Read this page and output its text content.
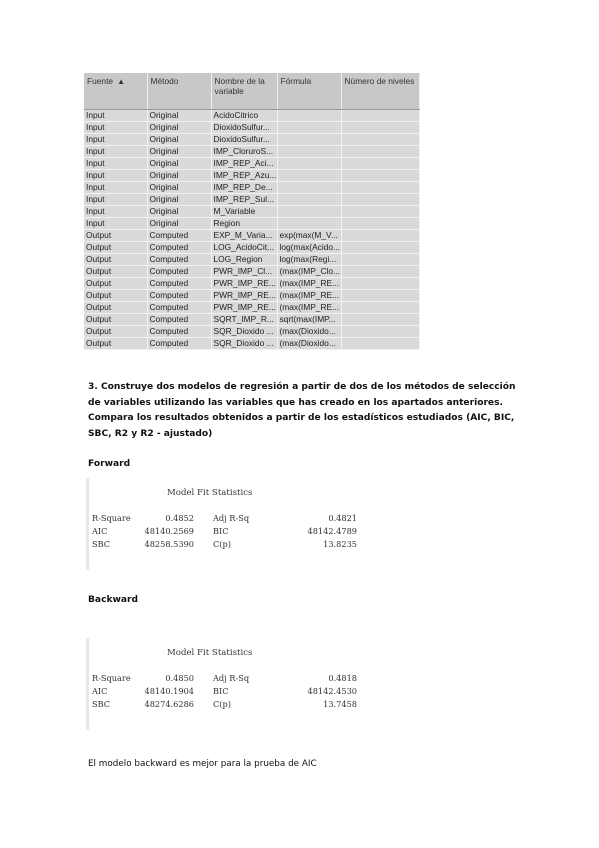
Fuente ▲	Método	Nombre de la variable	Fórmula	Número de niveles
Input	Original	AcidoCitrico		
Input	Original	DioxidoSulfur...		
Input	Original	DioxidoSulfur...		
Input	Original	IMP_CloruroS...		
Input	Original	IMP_REP_Aci...		
Input	Original	IMP_REP_Azu...		
Input	Original	IMP_REP_De...		
Input	Original	IMP_REP_Sul...		
Input	Original	M_Variable		
Input	Original	Region		
Output	Computed	EXP_M_Varia...	exp(max(M_V...	
Output	Computed	LOG_AcidoCit...	log(max(Acido...	
Output	Computed	LOG_Region	log(max(Regi...	
Output	Computed	PWR_IMP_Cl...	(max(IMP_Clo...	
Output	Computed	PWR_IMP_RE...	(max(IMP_RE...	
Output	Computed	PWR_IMP_RE...	(max(IMP_RE...	
Output	Computed	PWR_IMP_RE...	(max(IMP_RE...	
Output	Computed	SQRT_IMP_R...	sqrt(max(IMP...	
Output	Computed	SQR_Dioxido ...	(max(Dioxido...	
Output	Computed	SQR_Dioxido ...	(max(Dioxido...	
3. Construye dos modelos de regresión a partir de dos de los métodos de selección de variables utilizando las variables que has creado en los apartados anteriores. Compara los resultados obtenidos a partir de los estadísticos estudiados (AIC, BIC, SBC, R2 y R2 - ajustado)
Forward
Model Fit Statistics
R-Square	0.4852 Adj R-Sq	0.4821
AIC	48140.2569 BIC	48142.4789
SBC	48258.5390 C(p)	13.8235
Backward
Model Fit Statistics
R-Square	0.4850 Adj R-Sq	0.4818
AIC	48140.1904 BIC	48142.4530
SBC	48274.6286 C(p)	13.7458
El modelo backward es mejor para la prueba de AIC
